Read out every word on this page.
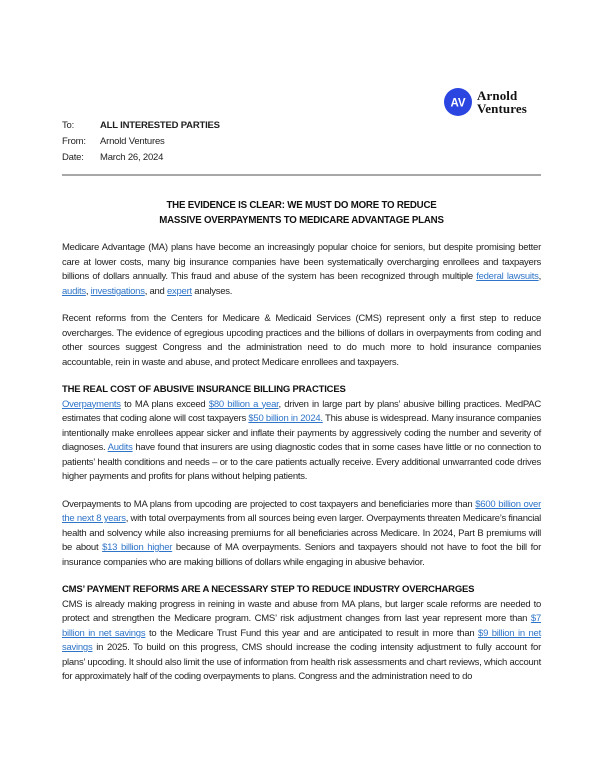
AV
Arnold
Ventures
To:	ALL INTERESTED PARTIES
From:	Arnold Ventures
Date:	March 26, 2024
THE EVIDENCE IS CLEAR: WE MUST DO MORE TO REDUCE
MASSIVE OVERPAYMENTS TO MEDICARE ADVANTAGE PLANS

Medicare Advantage (MA) plans have become an increasingly popular choice for seniors, but despite promising better care at lower costs, many big insurance companies have been systematically overcharging enrollees and taxpayers billions of dollars annually. This fraud and abuse of the system has been recognized through multiple federal lawsuits, audits, investigations, and expert analyses.

Recent reforms from the Centers for Medicare & Medicaid Services (CMS) represent only a first step to reduce overcharges. The evidence of egregious upcoding practices and the billions of dollars in overpayments from coding and other sources suggest Congress and the administration need to do much more to hold insurance companies accountable, rein in waste and abuse, and protect Medicare enrollees and taxpayers.

THE REAL COST OF ABUSIVE INSURANCE BILLING PRACTICES

Overpayments to MA plans exceed $80 billion a year, driven in large part by plans’ abusive billing practices. MedPAC estimates that coding alone will cost taxpayers $50 billion in 2024. This abuse is widespread. Many insurance companies intentionally make enrollees appear sicker and inflate their payments by aggressively coding the number and severity of diagnoses. Audits have found that insurers are using diagnostic codes that in some cases have little or no connection to patients’ health conditions and needs – or to the care patients actually receive. Every additional unwarranted code drives higher payments and profits for plans without helping patients.

Overpayments to MA plans from upcoding are projected to cost taxpayers and beneficiaries more than $600 billion over the next 8 years, with total overpayments from all sources being even larger. Overpayments threaten Medicare’s financial health and solvency while also increasing premiums for all beneficiaries across Medicare. In 2024, Part B premiums will be about $13 billion higher because of MA overpayments. Seniors and taxpayers should not have to foot the bill for insurance companies who are making billions of dollars while engaging in abusive behavior.

CMS’ PAYMENT REFORMS ARE A NECESSARY STEP TO REDUCE INDUSTRY OVERCHARGES

CMS is already making progress in reining in waste and abuse from MA plans, but larger scale reforms are needed to protect and strengthen the Medicare program. CMS’ risk adjustment changes from last year represent more than $7 billion in net savings to the Medicare Trust Fund this year and are anticipated to result in more than $9 billion in net savings in 2025. To build on this progress, CMS should increase the coding intensity adjustment to fully account for plans’ upcoding. It should also limit the use of information from health risk assessments and chart reviews, which account for approximately half of the coding overpayments to plans. Congress and the administration need to do
